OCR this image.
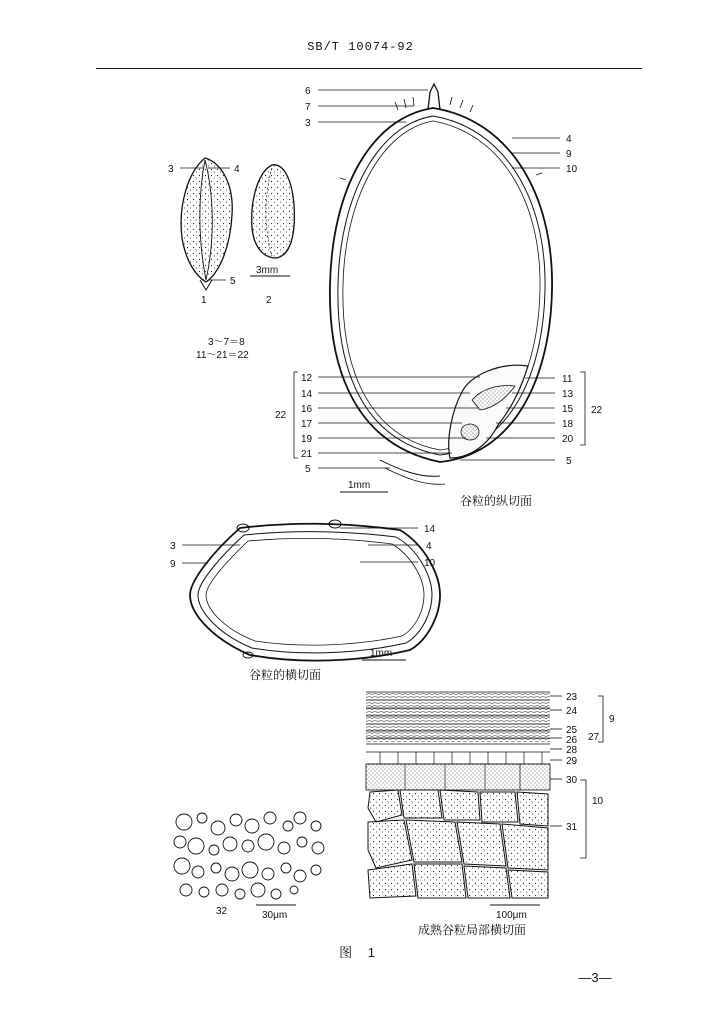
SB/T 10074-92
3	4
5
3mm
1	2
3～7＝8
11～21＝22
6
7
3
12
14
16
17
19
21
5
22
4
9
10
11
13
15
18
20
5
22
1mm
谷粒的纵切面
14
3
9
4
10
1mm
谷粒的横切面
23
24
25
26 27
28
29
30
31
9
10
100μm
成熟谷粒局部横切面
32	30μm
图 1
—3—
